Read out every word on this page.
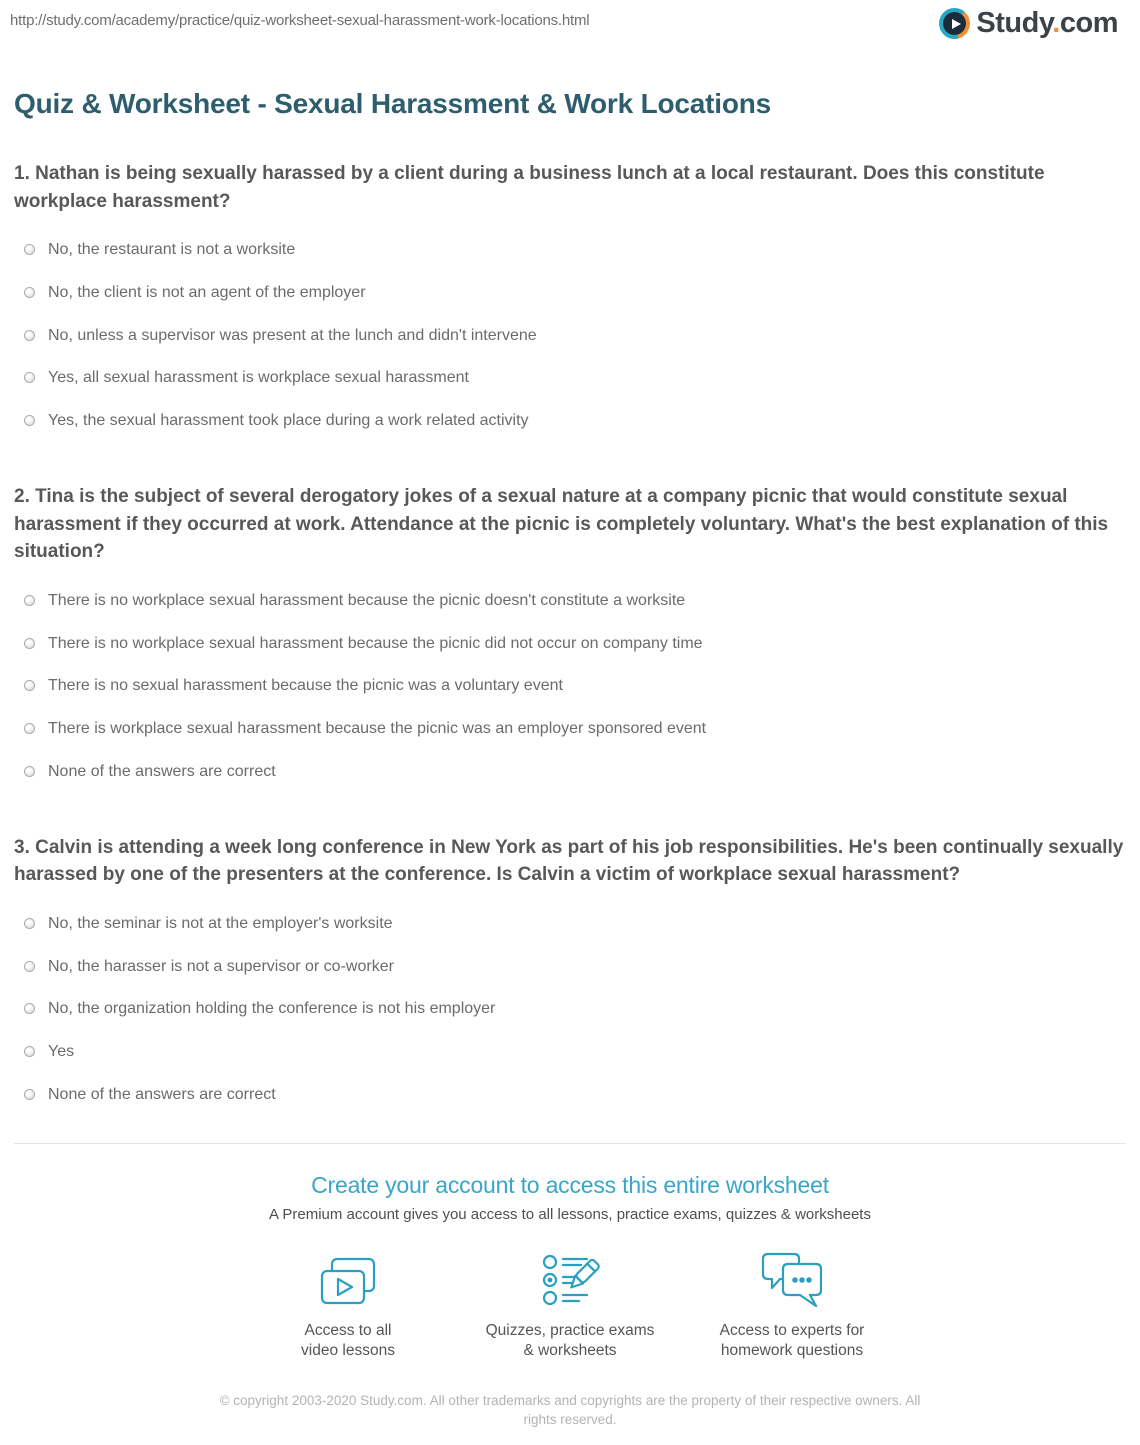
http://study.com/academy/practice/quiz-worksheet-sexual-harassment-work-locations.html	Study.com
Quiz & Worksheet - Sexual Harassment & Work Locations
1. Nathan is being sexually harassed by a client during a business lunch at a local restaurant. Does this constitute workplace harassment?
No, the restaurant is not a worksite
No, the client is not an agent of the employer
No, unless a supervisor was present at the lunch and didn't intervene
Yes, all sexual harassment is workplace sexual harassment
Yes, the sexual harassment took place during a work related activity
2. Tina is the subject of several derogatory jokes of a sexual nature at a company picnic that would constitute sexual harassment if they occurred at work. Attendance at the picnic is completely voluntary. What's the best explanation of this situation?
There is no workplace sexual harassment because the picnic doesn't constitute a worksite
There is no workplace sexual harassment because the picnic did not occur on company time
There is no sexual harassment because the picnic was a voluntary event
There is workplace sexual harassment because the picnic was an employer sponsored event
None of the answers are correct
3. Calvin is attending a week long conference in New York as part of his job responsibilities. He's been continually sexually harassed by one of the presenters at the conference. Is Calvin a victim of workplace sexual harassment?
No, the seminar is not at the employer's worksite
No, the harasser is not a supervisor or co-worker
No, the organization holding the conference is not his employer
Yes
None of the answers are correct
Create your account to access this entire worksheet
A Premium account gives you access to all lessons, practice exams, quizzes & worksheets
Access to all
video lessons
Quizzes, practice exams
& worksheets
Access to experts for
homework questions
© copyright 2003-2020 Study.com. All other trademarks and copyrights are the property of their respective owners. All rights reserved.
